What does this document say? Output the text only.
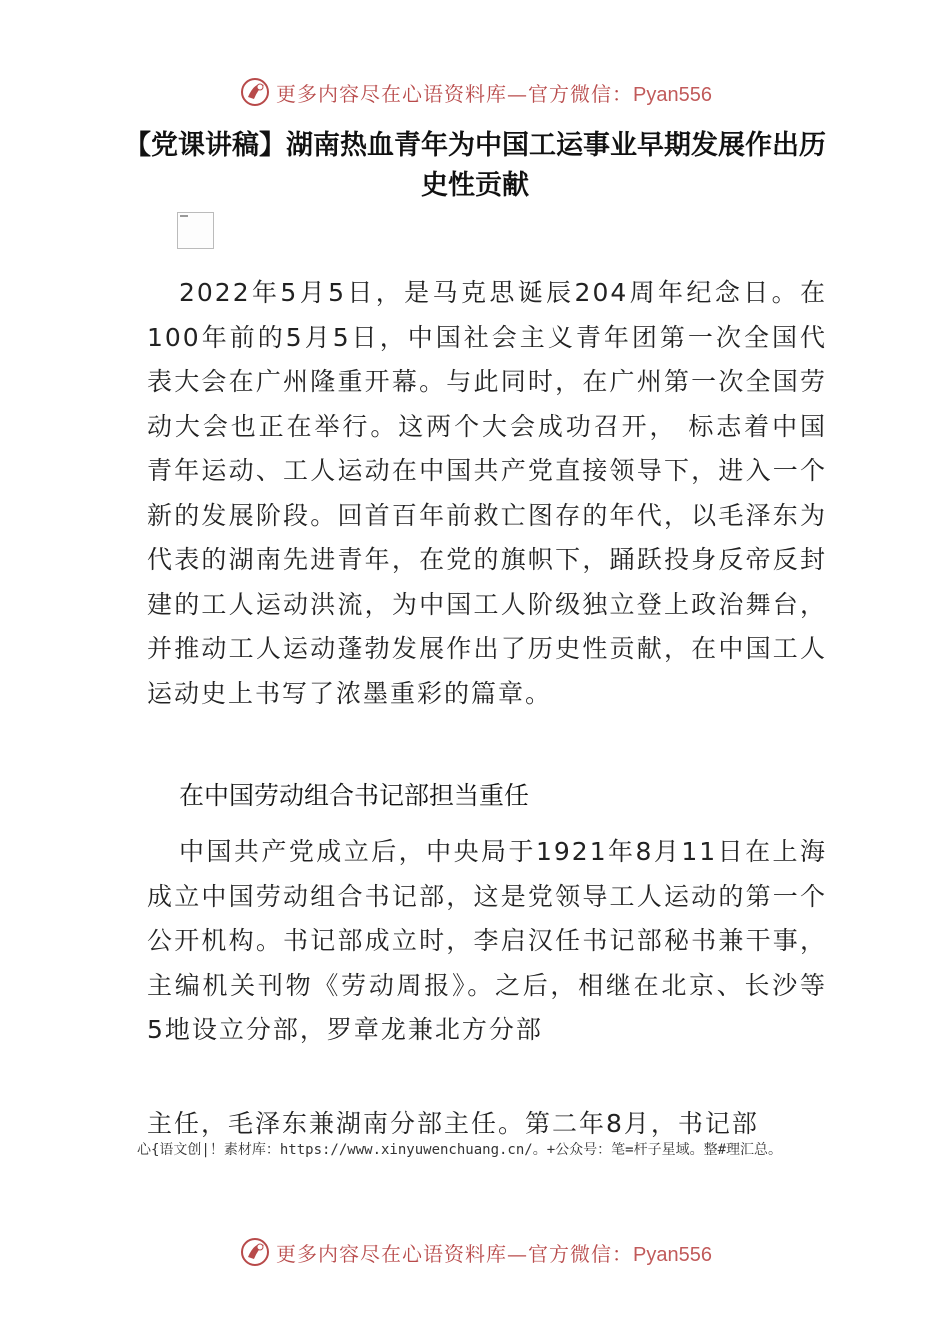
更多内容尽在心语资料库—官方微信：Pyan556
【党课讲稿】湖南热血青年为中国工运事业早期发展作出历史性贡献

2022年5月5日，是马克思诞辰204周年纪念日。在100年前的5月5日，中国社会主义青年团第一次全国代表大会在广州隆重开幕。与此同时，在广州第一次全国劳动大会也正在举行。这两个大会成功召开， 标志着中国青年运动、工人运动在中国共产党直接领导下，进入一个新的发展阶段。回首百年前救亡图存的年代，以毛泽东为代表的湖南先进青年，在党的旗帜下，踊跃投身反帝反封建的工人运动洪流，为中国工人阶级独立登上政治舞台，并推动工人运动蓬勃发展作出了历史性贡献，在中国工人运动史上书写了浓墨重彩的篇章。

在中国劳动组合书记部担当重任

中国共产党成立后，中央局于1921年8月11日在上海成立中国劳动组合书记部，这是党领导工人运动的第一个公开机构。书记部成立时，李启汉任书记部秘书兼干事，主编机关刊物《劳动周报》。之后，相继在北京、长沙等5地设立分部，罗章龙兼北方分部

主任，毛泽东兼湖南分部主任。第二年8月，书记部

心{语文创|！素材库：https://www.xinyuwenchuang.cn/。+公众号：笔=杆子星域。整#理汇总。

更多内容尽在心语资料库—官方微信：Pyan556
